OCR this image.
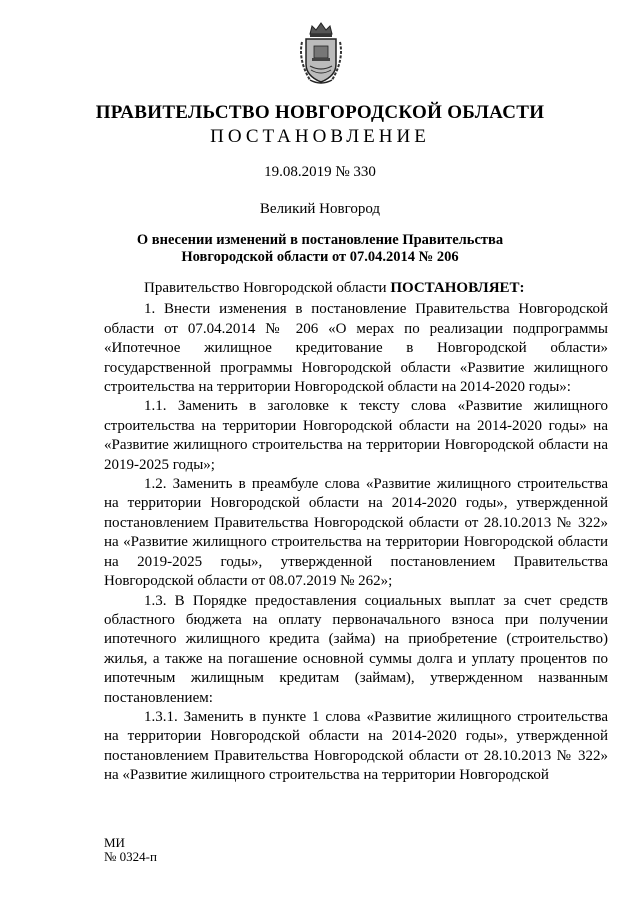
ПРАВИТЕЛЬСТВО НОВГОРОДСКОЙ ОБЛАСТИ
ПОСТАНОВЛЕНИЕ
19.08.2019 № 330
Великий Новгород
О внесении изменений в постановление Правительства
Новгородской области от 07.04.2014 № 206

Правительство Новгородской области ПОСТАНОВЛЯЕТ:

1. Внести изменения в постановление Правительства Новгородской области от 07.04.2014 № 206 «О мерах по реализации подпрограммы «Ипотечное жилищное кредитование в Новгородской области» государственной программы Новгородской области «Развитие жилищного строительства на территории Новгородской области на 2014-2020 годы»:

1.1. Заменить в заголовке к тексту слова «Развитие жилищного строительства на территории Новгородской области на 2014-2020 годы» на «Развитие жилищного строительства на территории Новгородской области на 2019-2025 годы»;

1.2. Заменить в преамбуле слова «Развитие жилищного строительства на территории Новгородской области на 2014-2020 годы», утвержденной постановлением Правительства Новгородской области от 28.10.2013 № 322» на «Развитие жилищного строительства на территории Новгородской области на 2019-2025 годы», утвержденной постановлением Правительства Новгородской области от 08.07.2019 № 262»;

1.3. В Порядке предоставления социальных выплат за счет средств областного бюджета на оплату первоначального взноса при получении ипотечного жилищного кредита (займа) на приобретение (строительство) жилья, а также на погашение основной суммы долга и уплату процентов по ипотечным жилищным кредитам (займам), утвержденном названным постановлением:

1.3.1. Заменить в пункте 1 слова «Развитие жилищного строительства на территории Новгородской области на 2014-2020 годы», утвержденной постановлением Правительства Новгородской области от 28.10.2013 № 322» на «Развитие жилищного строительства на территории Новгородской

МИ
№ 0324-п
